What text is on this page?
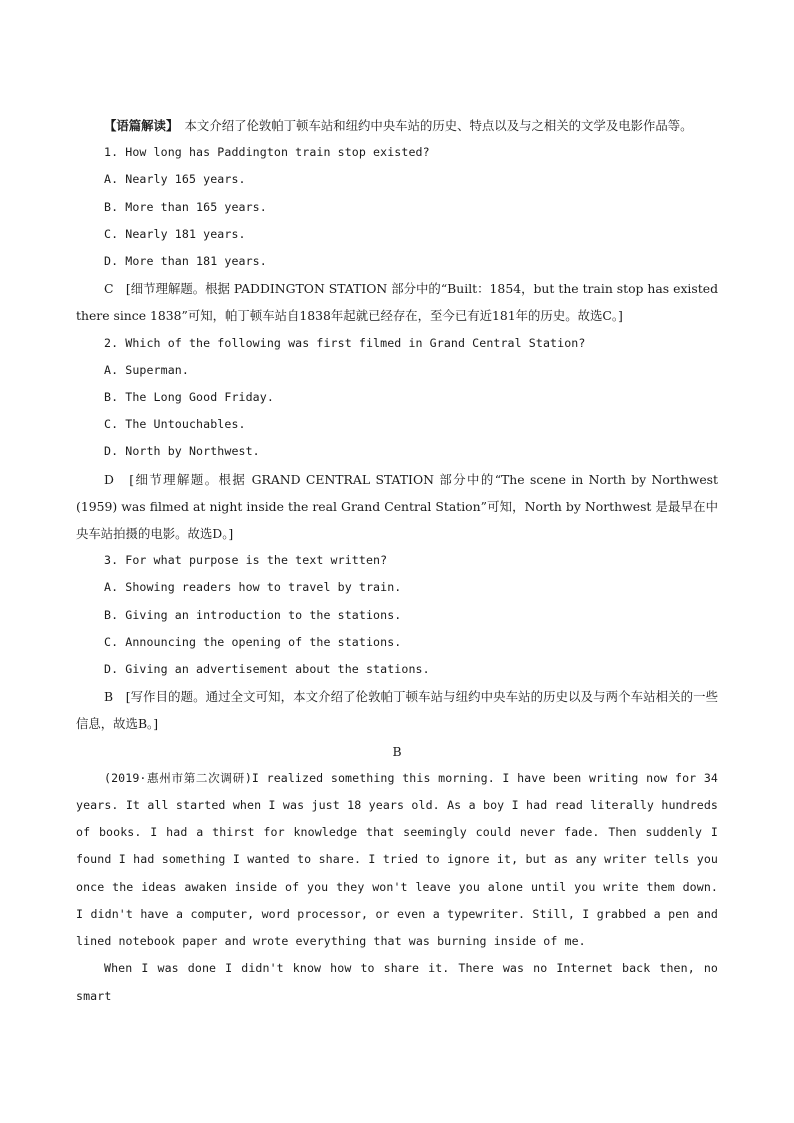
【语篇解读】　本文介绍了伦敦帕丁顿车站和纽约中央车站的历史、特点以及与之相关的文学及电影作品等。

1. How long has Paddington train stop existed?

A. Nearly 165 years.

B. More than 165 years.

C. Nearly 181 years.

D. More than 181 years.

C　[细节理解题。根据 PADDINGTON STATION 部分中的“Built：1854，but the train stop has existed there since 1838”可知，帕丁顿车站自1838年起就已经存在，至今已有近181年的历史。故选C。]

2. Which of the following was first filmed in Grand Central Station?

A. Superman.

B. The Long Good Friday.

C. The Untouchables.

D. North by Northwest.

D　[细节理解题。根据 GRAND CENTRAL STATION 部分中的“The scene in North by Northwest (1959) was filmed at night inside the real Grand Central Station”可知，North by Northwest 是最早在中央车站拍摄的电影。故选D。]

3. For what purpose is the text written?

A. Showing readers how to travel by train.

B. Giving an introduction to the stations.

C. Announcing the opening of the stations.

D. Giving an advertisement about the stations.

B　[写作目的题。通过全文可知，本文介绍了伦敦帕丁顿车站与纽约中央车站的历史以及与两个车站相关的一些信息，故选B。]

B

(2019·惠州市第二次调研)I realized something this morning. I have been writing now for 34 years. It all started when I was just 18 years old. As a boy I had read literally hundreds of books. I had a thirst for knowledge that seemingly could never fade. Then suddenly I found I had something I wanted to share. I tried to ignore it, but as any writer tells you once the ideas awaken inside of you they won't leave you alone until you write them down. I didn't have a computer, word processor, or even a typewriter. Still, I grabbed a pen and lined notebook paper and wrote everything that was burning inside of me.

When I was done I didn't know how to share it. There was no Internet back then, no smart
